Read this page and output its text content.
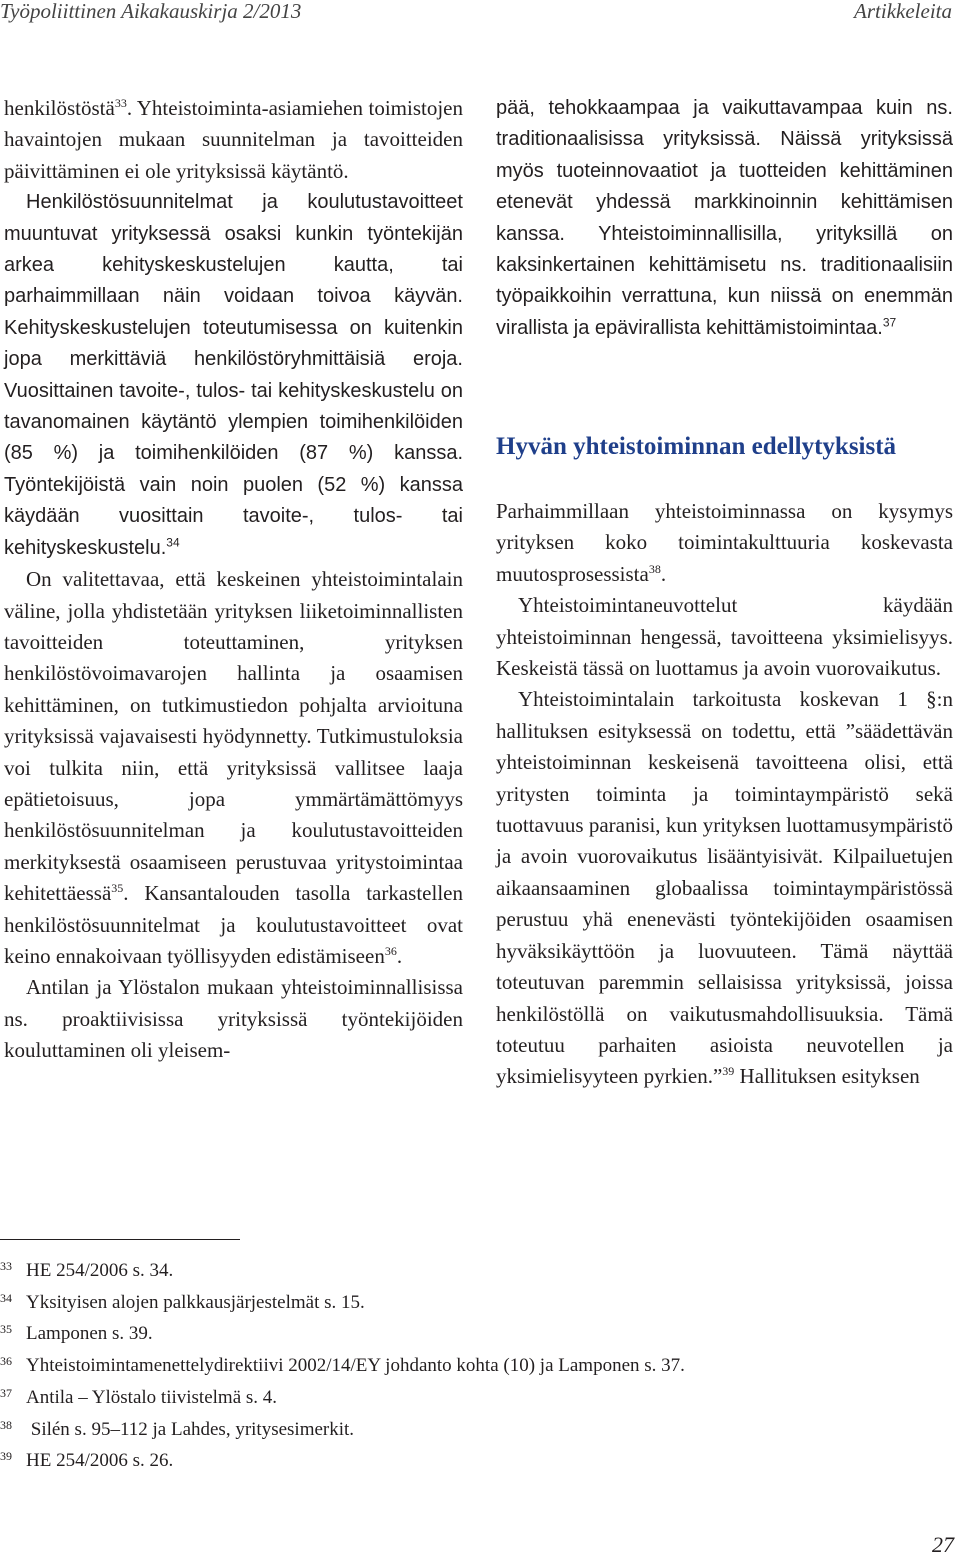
Työpoliittinen Aikakauskirja 2/2013	Artikkeleita

henkilöstöstä$^{33}$. Yhteistoiminta-asiamiehen toimistojen havaintojen mukaan suunnitelman ja tavoitteiden päivittäminen ei ole yrityksissä käytäntö.

Henkilöstösuunnitelmat ja koulutustavoitteet muuntuvat yrityksessä osaksi kunkin työntekijän arkea kehityskeskustelujen kautta, tai parhaimmillaan näin voidaan toivoa käyvän. Kehityskeskustelujen toteutumisessa on kuitenkin jopa merkittäviä henkilöstöryhmittäisiä eroja. Vuosittainen tavoite-, tulos- tai kehityskeskustelu on tavanomainen käytäntö ylempien toimihenkilöiden (85 %) ja toimihenkilöiden (87 %) kanssa. Työntekijöistä vain noin puolen (52 %) kanssa käydään vuosittain tavoite-, tulos- tai kehityskeskustelu.$^{34}$

On valitettavaa, että keskeinen yhteistoimintalain väline, jolla yhdistetään yrityksen liiketoiminnallisten tavoitteiden toteuttaminen, yrityksen henkilöstövoimavarojen hallinta ja osaamisen kehittäminen, on tutkimustiedon pohjalta arvioituna yrityksissä vajavaisesti hyödynnetty. Tutkimustuloksia voi tulkita niin, että yrityksissä vallitsee laaja epätietoisuus, jopa ymmärtämättömyys henkilöstösuunnitelman ja koulutustavoitteiden merkityksestä osaamiseen perustuvaa yritystoimintaa kehitettäessä$^{35}$. Kansantalouden tasolla tarkastellen henkilöstösuunnitelmat ja koulutustavoitteet ovat keino ennakoivaan työllisyyden edistämiseen$^{36}$.

Antilan ja Ylöstalon mukaan yhteistoiminnallisissa ns. proaktiivisissa yrityksissä työntekijöiden kouluttaminen oli yleisem-

pää, tehokkaampaa ja vaikuttavampaa kuin ns. traditionaalisissa yrityksissä. Näissä yrityksissä myös tuoteinnovaatiot ja tuotteiden kehittäminen etenevät yhdessä markkinoinnin kehittämisen kanssa. Yhteistoiminnallisilla, yrityksillä on kaksinkertainen kehittämisetu ns. traditionaalisiin työpaikkoihin verrattuna, kun niissä on enemmän virallista ja epävirallista kehittämistoimintaa.$^{37}$

Hyvän yhteistoiminnan edellytyksistä

Parhaimmillaan yhteistoiminnassa on kysymys yrityksen koko toimintakulttuuria koskevasta muutosprosessista$^{38}$.

Yhteistoimintaneuvottelut käydään yhteistoiminnan hengessä, tavoitteena yksimielisyys. Keskeistä tässä on luottamus ja avoin vuorovaikutus.

Yhteistoimintalain tarkoitusta koskevan 1 §:n hallituksen esityksessä on todettu, että ”säädettävän yhteistoiminnan keskeisenä tavoitteena olisi, että yritysten toiminta ja toimintaympäristö sekä tuottavuus paranisi, kun yrityksen luottamusympäristö ja avoin vuorovaikutus lisääntyisivät. Kilpailuetujen aikaansaaminen globaalissa toimintaympäristössä perustuu yhä enenevästi työntekijöiden osaamisen hyväksikäyttöön ja luovuuteen. Tämä näyttää toteutuvan paremmin sellaisissa yrityksissä, joissa henkilöstöllä on vaikutusmahdollisuuksia. Tämä toteutuu parhaiten asioista neuvotellen ja yksimielisyyteen pyrkien.”$^{39}$ Hallituksen esityksen

33 HE 254/2006 s. 34.
34 Yksityisen alojen palkkausjärjestelmät s. 15.
35 Lamponen s. 39.
36 Yhteistoimintamenettelydirektiivi 2002/14/EY johdanto kohta (10) ja Lamponen s. 37.
37 Antila – Ylöstalo tiivistelmä s. 4.
38 Silén s. 95–112 ja Lahdes, yritysesimerkit.
39 HE 254/2006 s. 26.
27
